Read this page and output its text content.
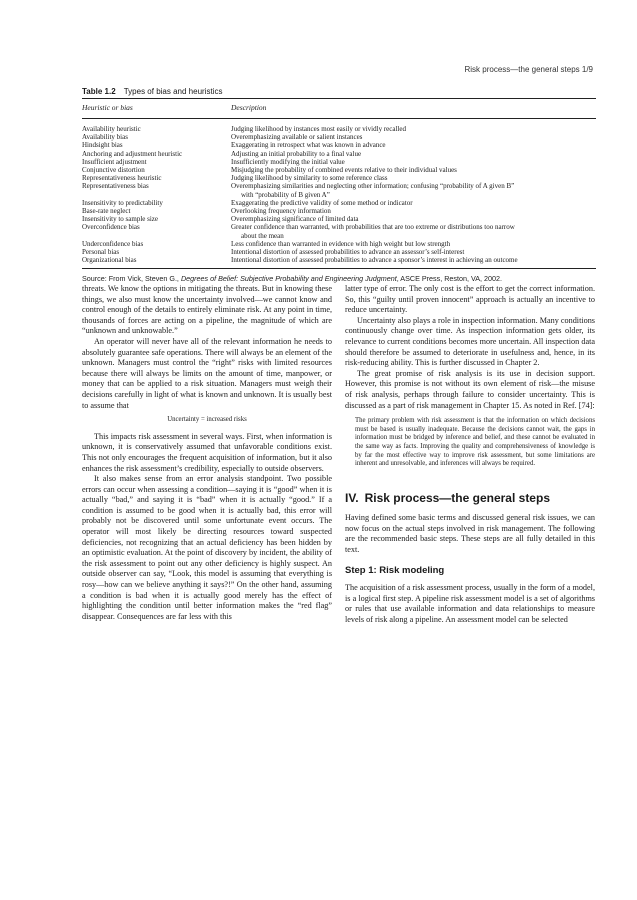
Risk process—the general steps 1/9
Table 1.2 Types of bias and heuristics
Heuristic or bias	Description
Availability heuristic	Judging likelihood by instances most easily or vividly recalled
Availability bias	Overemphasizing available or salient instances
Hindsight bias	Exaggerating in retrospect what was known in advance
Anchoring and adjustment heuristic	Adjusting an initial probability to a final value
Insufficient adjustment	Insufficiently modifying the initial value
Conjunctive distortion	Misjudging the probability of combined events relative to their individual values
Representativeness heuristic	Judging likelihood by similarity to some reference class
Representativeness bias	Overemphasizing similarities and neglecting other information; confusing “probability of A given B”
with “probability of B given A”
Insensitivity to predictability	Exaggerating the predictive validity of some method or indicator
Base-rate neglect	Overlooking frequency information
Insensitivity to sample size	Overemphasizing significance of limited data
Overconfidence bias	Greater confidence than warranted, with probabilities that are too extreme or distributions too narrow
about the mean
Underconfidence bias	Less confidence than warranted in evidence with high weight but low strength
Personal bias	Intentional distortion of assessed probabilities to advance an assessor’s self-interest
Organizational bias	Intentional distortion of assessed probabilities to advance a sponsor’s interest in achieving an outcome
Source: From Vick, Steven G., Degrees of Belief: Subjective Probability and Engineering Judgment, ASCE Press, Reston, VA, 2002.

threats. We know the options in mitigating the threats. But in knowing these things, we also must know the uncertainty involved—we cannot know and control enough of the details to entirely eliminate risk. At any point in time, thousands of forces are acting on a pipeline, the magnitude of which are “unknown and unknowable.”

An operator will never have all of the relevant information he needs to absolutely guarantee safe operations. There will always be an element of the unknown. Managers must control the “right” risks with limited resources because there will always be limits on the amount of time, manpower, or money that can be applied to a risk situation. Managers must weigh their decisions carefully in light of what is known and unknown. It is usually best to assume that

Uncertainty = increased risks

This impacts risk assessment in several ways. First, when information is unknown, it is conservatively assumed that unfavorable conditions exist. This not only encourages the frequent acquisition of information, but it also enhances the risk assessment’s credibility, especially to outside observers.

It also makes sense from an error analysis standpoint. Two possible errors can occur when assessing a condition—saying it is “good” when it is actually “bad,” and saying it is “bad” when it is actually “good.” If a condition is assumed to be good when it is actually bad, this error will probably not be discovered until some unfortunate event occurs. The operator will most likely be directing resources toward suspected deficiencies, not recognizing that an actual deficiency has been hidden by an optimistic evaluation. At the point of discovery by incident, the ability of the risk assessment to point out any other deficiency is highly suspect. An outside observer can say, “Look, this model is assuming that everything is rosy—how can we believe anything it says?!” On the other hand, assuming a condition is bad when it is actually good merely has the effect of highlighting the condition until better information makes the “red flag” disappear. Consequences are far less with this

latter type of error. The only cost is the effort to get the correct information. So, this “guilty until proven innocent” approach is actually an incentive to reduce uncertainty.

Uncertainty also plays a role in inspection information. Many conditions continuously change over time. As inspection information gets older, its relevance to current conditions becomes more uncertain. All inspection data should therefore be assumed to deteriorate in usefulness and, hence, in its risk-reducing ability. This is further discussed in Chapter 2.

The great promise of risk analysis is its use in decision support. However, this promise is not without its own element of risk—the misuse of risk analysis, perhaps through failure to consider uncertainty. This is discussed as a part of risk management in Chapter 15. As noted in Ref. [74]:

The primary problem with risk assessment is that the information on which decisions must be based is usually inadequate. Because the decisions cannot wait, the gaps in information must be bridged by inference and belief, and these cannot be evaluated in the same way as facts. Improving the quality and comprehensiveness of knowledge is by far the most effective way to improve risk assessment, but some limitations are inherent and unresolvable, and inferences will always be required.
IV. Risk process—the general steps

Having defined some basic terms and discussed general risk issues, we can now focus on the actual steps involved in risk management. The following are the recommended basic steps. These steps are all fully detailed in this text.

Step 1: Risk modeling

The acquisition of a risk assessment process, usually in the form of a model, is a logical first step. A pipeline risk assessment model is a set of algorithms or rules that use available information and data relationships to measure levels of risk along a pipeline. An assessment model can be selected
